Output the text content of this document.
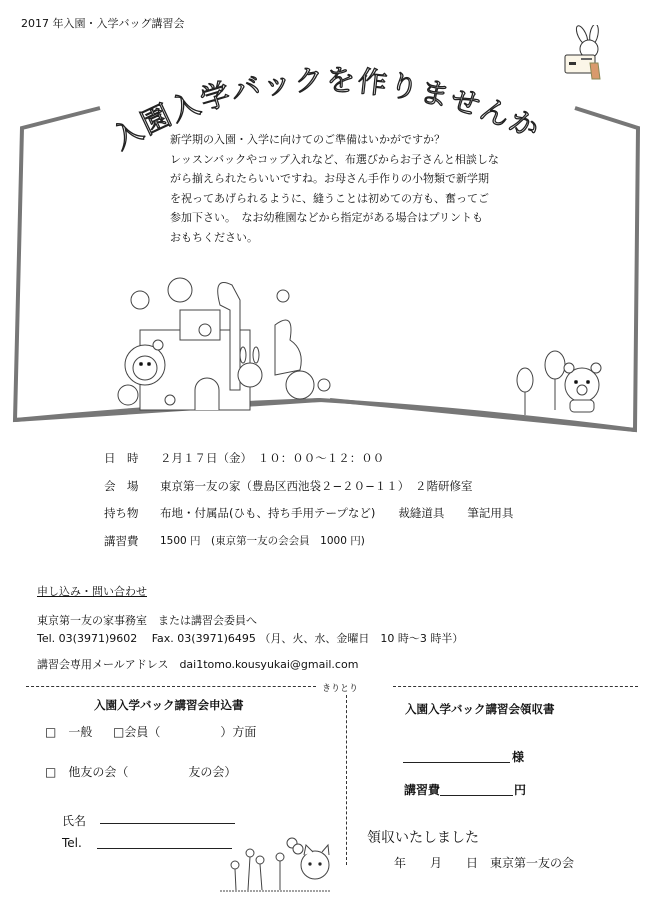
2017 年入園・入学バッグ講習会
入園入学バックを作りませんか
新学期の入園・入学に向けてのご準備はいかがですか？
レッスンバックやコップ入れなど、布選びからお子さんと相談しな
がら揃えられたらいいですね。お母さん手作りの小物類で新学期
を祝ってあげられるように、縫うことは初めての方も、奮ってご
参加下さい。　なお幼稚園などから指定がある場合はプリントも
おもちください。
日　時	２月１７日（金）　１０：００〜１２：００
会　場	東京第一友の家（豊島区西池袋２−２０−１１）　２階研修室
持ち物	布地・付属品(ひも、持ち手用テープなど)　　裁縫道具　　筆記用具
講習費	1500 円　(東京第一友の会会員　1000 円)
申し込み・問い合わせ
東京第一友の家事務室　または講習会委員へ
Tel. 03(3971)9602　 Fax. 03(3971)6495 （月、火、水、金曜日　10 時〜3 時半）
講習会専用メールアドレス　dai1tomo.kousyukai@gmail.com
きりとり
入園入学バック講習会申込書
□　一般 □会員（　　　　　）方面
□　他友の会（　　　　　友の会）
氏名
Tel.
入園入学バック講習会領収書
様
講習費	円
領収いたしました
年　　月　　日　東京第一友の会
